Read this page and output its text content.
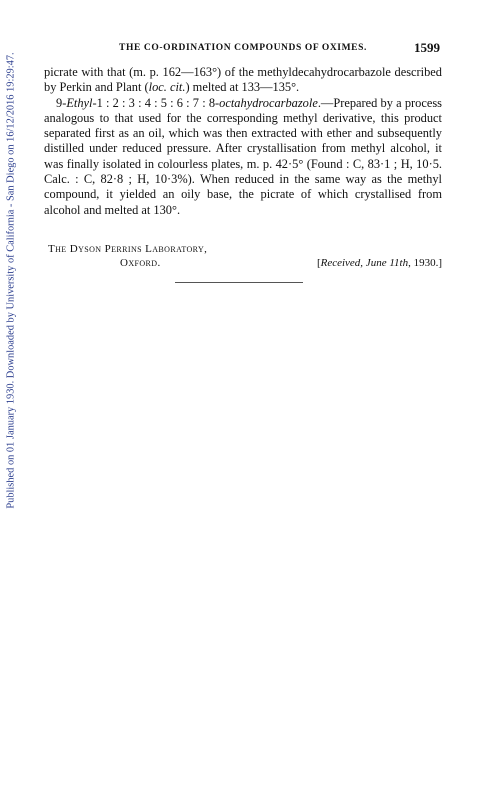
Published on 01 January 1930. Downloaded by University of California - San Diego on 16/12/2016 19:29:47.
THE CO-ORDINATION COMPOUNDS OF OXIMES.	1599

picrate with that (m. p. 162—163°) of the methyldecahydrocarbazole described by Perkin and Plant (loc. cit.) melted at 133—135°.

9-Ethyl-1 : 2 : 3 : 4 : 5 : 6 : 7 : 8-octahydrocarbazole.—Prepared by a process analogous to that used for the corresponding methyl derivative, this product separated first as an oil, which was then extracted with ether and subsequently distilled under reduced pressure. After crystallisation from methyl alcohol, it was finally isolated in colourless plates, m. p. 42·5° (Found : C, 83·1 ; H, 10·5. Calc. : C, 82·8 ; H, 10·3%). When reduced in the same way as the methyl compound, it yielded an oily base, the picrate of which crystallised from alcohol and melted at 130°.

The Dyson Perrins Laboratory,
Oxford.	[Received, June 11th, 1930.]
